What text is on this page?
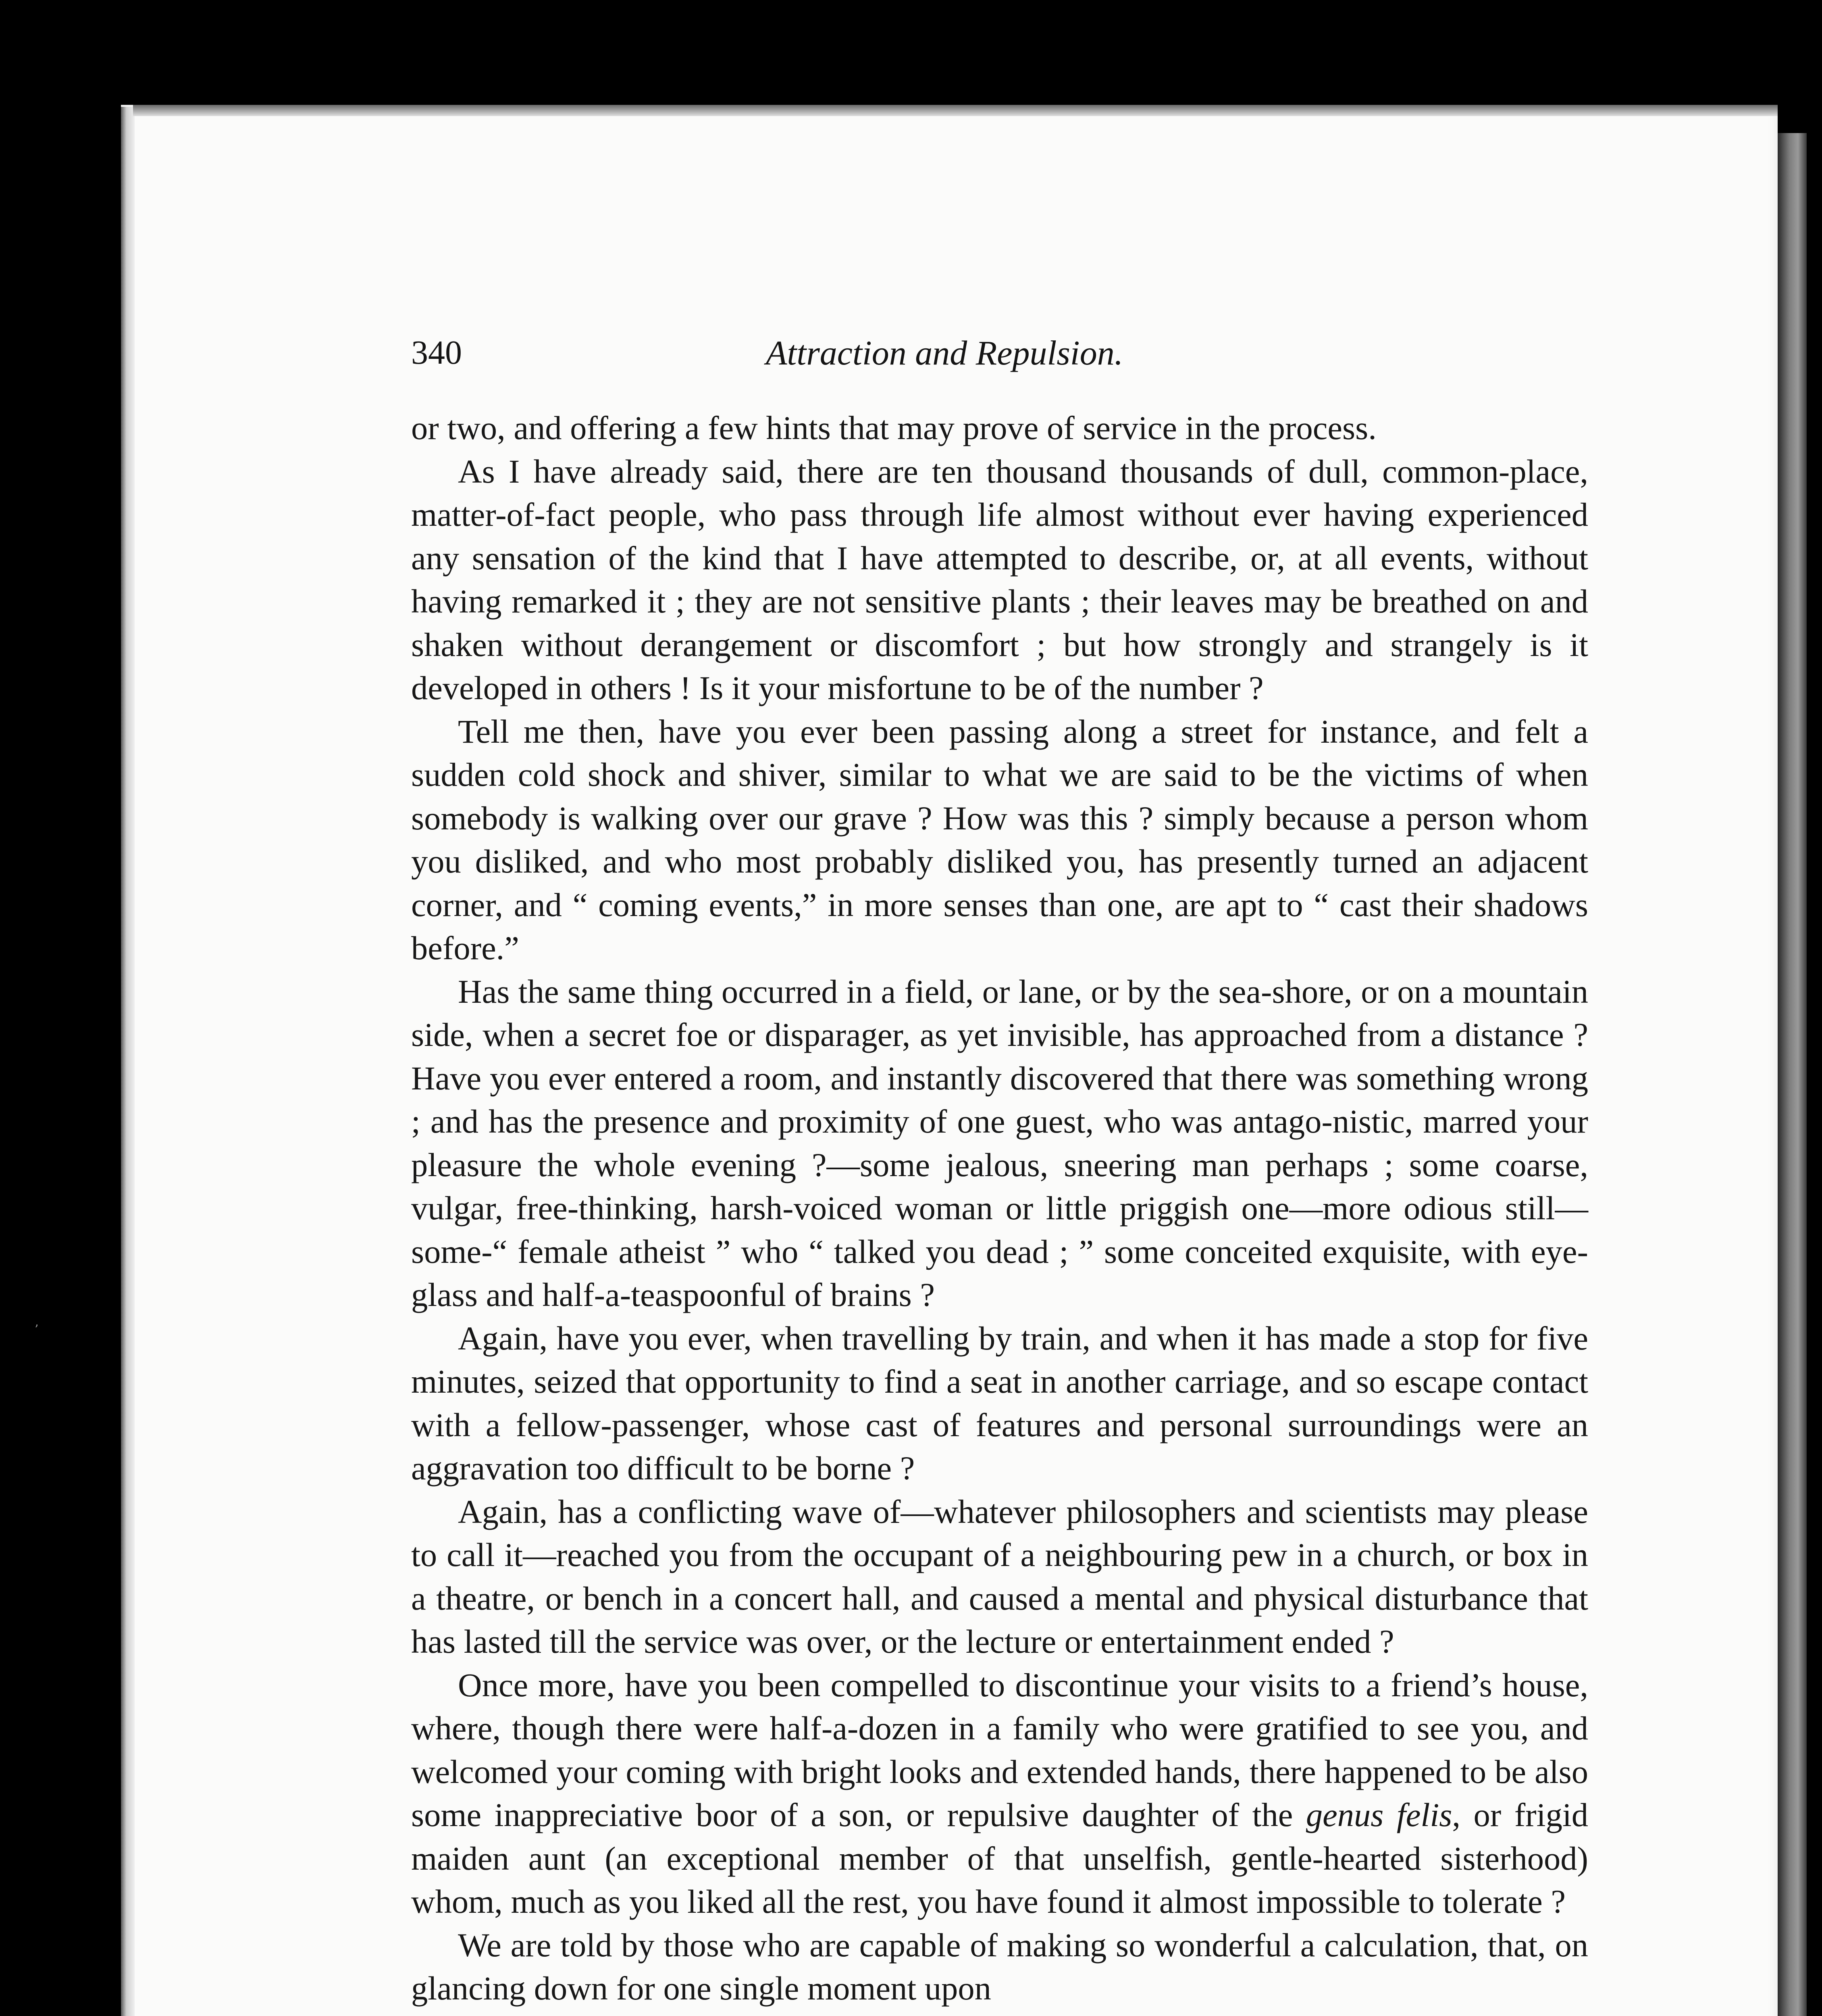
’
340	Attraction and Repulsion.

or two, and offering a few hints that may prove of service in the process.

As I have already said, there are ten thousand thousands of dull, common-place, matter-of-fact people, who pass through life almost without ever having experienced any sensation of the kind that I have attempted to describe, or, at all events, without having remarked it ; they are not sensitive plants ; their leaves may be breathed on and shaken without derangement or discomfort ; but how strongly and strangely is it developed in others ! Is it your misfortune to be of the number ?

Tell me then, have you ever been passing along a street for instance, and felt a sudden cold shock and shiver, similar to what we are said to be the victims of when somebody is walking over our grave ? How was this ? simply because a person whom you disliked, and who most probably disliked you, has presently turned an adjacent corner, and “ coming events,” in more senses than one, are apt to “ cast their shadows before.”

Has the same thing occurred in a field, or lane, or by the sea-shore, or on a mountain side, when a secret foe or disparager, as yet invisible, has approached from a distance ? Have you ever entered a room, and instantly discovered that there was something wrong ; and has the presence and proximity of one guest, who was antago-nistic, marred your pleasure the whole evening ?—some jealous, sneering man perhaps ; some coarse, vulgar, free-thinking, harsh-voiced woman or little priggish one—more odious still—some-“ female atheist ” who “ talked you dead ; ” some conceited exquisite, with eye-glass and half-a-teaspoonful of brains ?

Again, have you ever, when travelling by train, and when it has made a stop for five minutes, seized that opportunity to find a seat in another carriage, and so escape contact with a fellow-passenger, whose cast of features and personal surroundings were an aggravation too difficult to be borne ?

Again, has a conflicting wave of—whatever philosophers and scientists may please to call it—reached you from the occupant of a neighbouring pew in a church, or box in a theatre, or bench in a concert hall, and caused a mental and physical disturbance that has lasted till the service was over, or the lecture or entertainment ended ?

Once more, have you been compelled to discontinue your visits to a friend’s house, where, though there were half-a-dozen in a family who were gratified to see you, and welcomed your coming with bright looks and extended hands, there happened to be also some inappreciative boor of a son, or repulsive daughter of the genus felis, or frigid maiden aunt (an exceptional member of that unselfish, gentle-hearted sisterhood) whom, much as you liked all the rest, you have found it almost impossible to tolerate ?

We are told by those who are capable of making so wonderful a calculation, that, on glancing down for one single moment upon
